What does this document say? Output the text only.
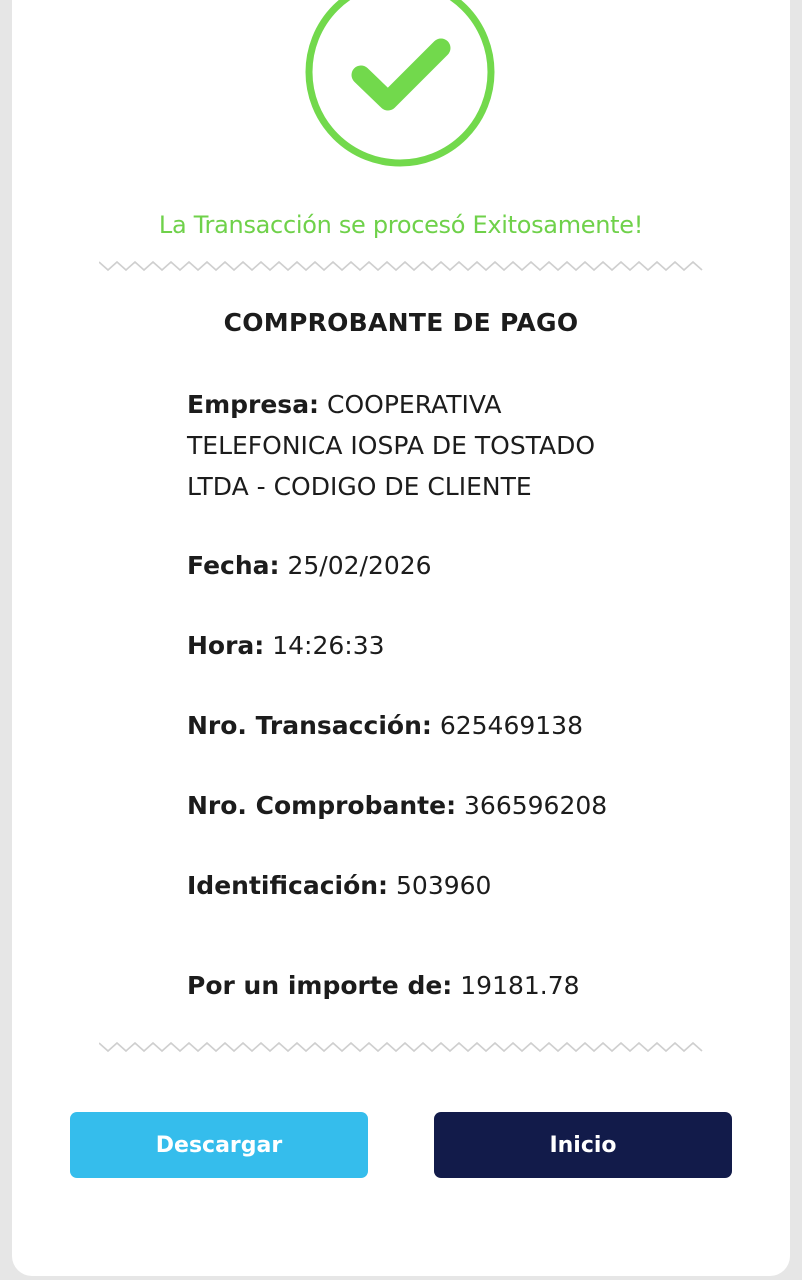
La Transacción se procesó Exitosamente!
COMPROBANTE DE PAGO
Empresa: COOPERATIVA TELEFONICA IOSPA DE TOSTADO LTDA - CODIGO DE CLIENTE
Fecha: 25/02/2026
Hora: 14:26:33
Nro. Transacción: 625469138
Nro. Comprobante: 366596208
Identificación: 503960
Por un importe de: 19181.78
Descargar	Inicio
